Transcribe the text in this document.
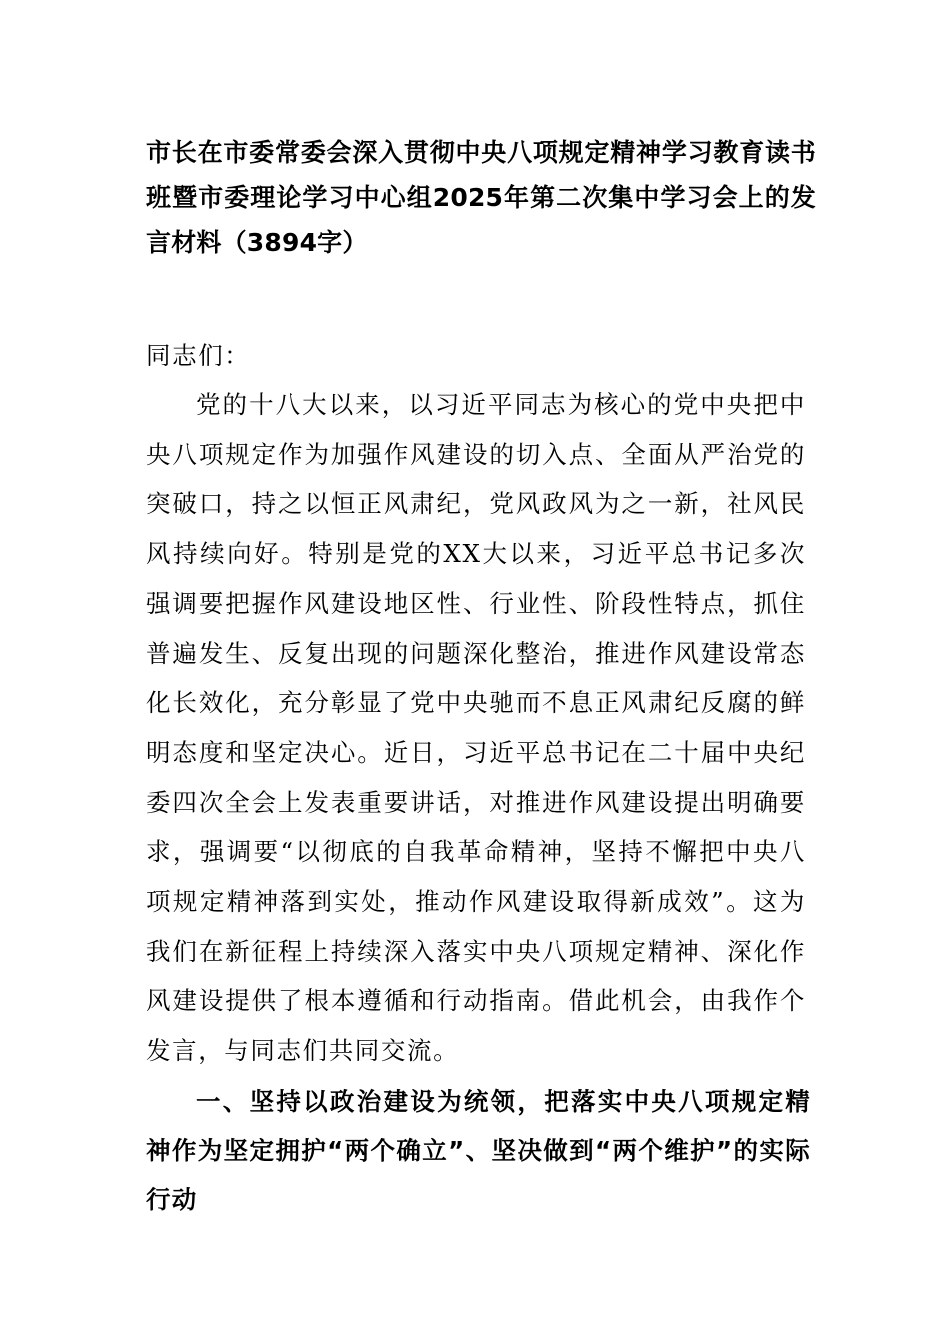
市长在市委常委会深入贯彻中央八项规定精神学习教育读书班暨市委理论学习中心组2025年第二次集中学习会上的发言材料（3894字）

同志们：

党的十八大以来，以习近平同志为核心的党中央把中央八项规定作为加强作风建设的切入点、全面从严治党的突破口，持之以恒正风肃纪，党风政风为之一新，社风民风持续向好。特别是党的XX大以来，习近平总书记多次强调要把握作风建设地区性、行业性、阶段性特点，抓住普遍发生、反复出现的问题深化整治，推进作风建设常态化长效化，充分彰显了党中央驰而不息正风肃纪反腐的鲜明态度和坚定决心。近日，习近平总书记在二十届中央纪委四次全会上发表重要讲话，对推进作风建设提出明确要求，强调要“以彻底的自我革命精神，坚持不懈把中央八项规定精神落到实处，推动作风建设取得新成效”。这为我们在新征程上持续深入落实中央八项规定精神、深化作风建设提供了根本遵循和行动指南。借此机会，由我作个发言，与同志们共同交流。

一、坚持以政治建设为统领，把落实中央八项规定精神作为坚定拥护“两个确立”、坚决做到“两个维护”的实际行动
